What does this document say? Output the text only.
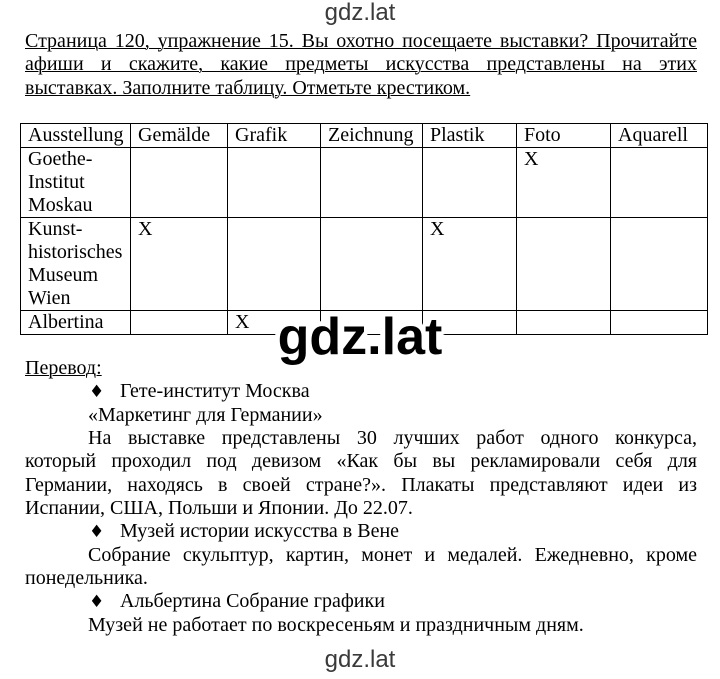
gdz.lat
Страница 120, упражнение 15. Вы охотно посещаете выставки? Прочитайте
афиши и скажите, какие предметы искусства представлены на этих
выставках. Заполните таблицу. Отметьте крестиком.
Ausstellung	Gemälde	Grafik	Zeichnung	Plastik	Foto	Aquarell

Goethe-
Institut
Moskau					X	

Kunst-
historisches
Museum
Wien	X			X		

Albertina		X				gdz.lat
Перевод:
♦ Гете-институт Москва
«Маркетинг для Германии»
На выставке представлены 30 лучших работ одного конкурса,
который проходил под девизом «Как бы вы рекламировали себя для
Германии, находясь в своей стране?». Плакаты представляют идеи из
Испании, США, Польши и Японии. До 22.07.
♦ Музей истории искусства в Вене
Собрание скульптур, картин, монет и медалей. Ежедневно, кроме
понедельника.
♦ Альбертина Собрание графики
Музей не работает по воскресеньям и праздничным дням.
gdz.lat
